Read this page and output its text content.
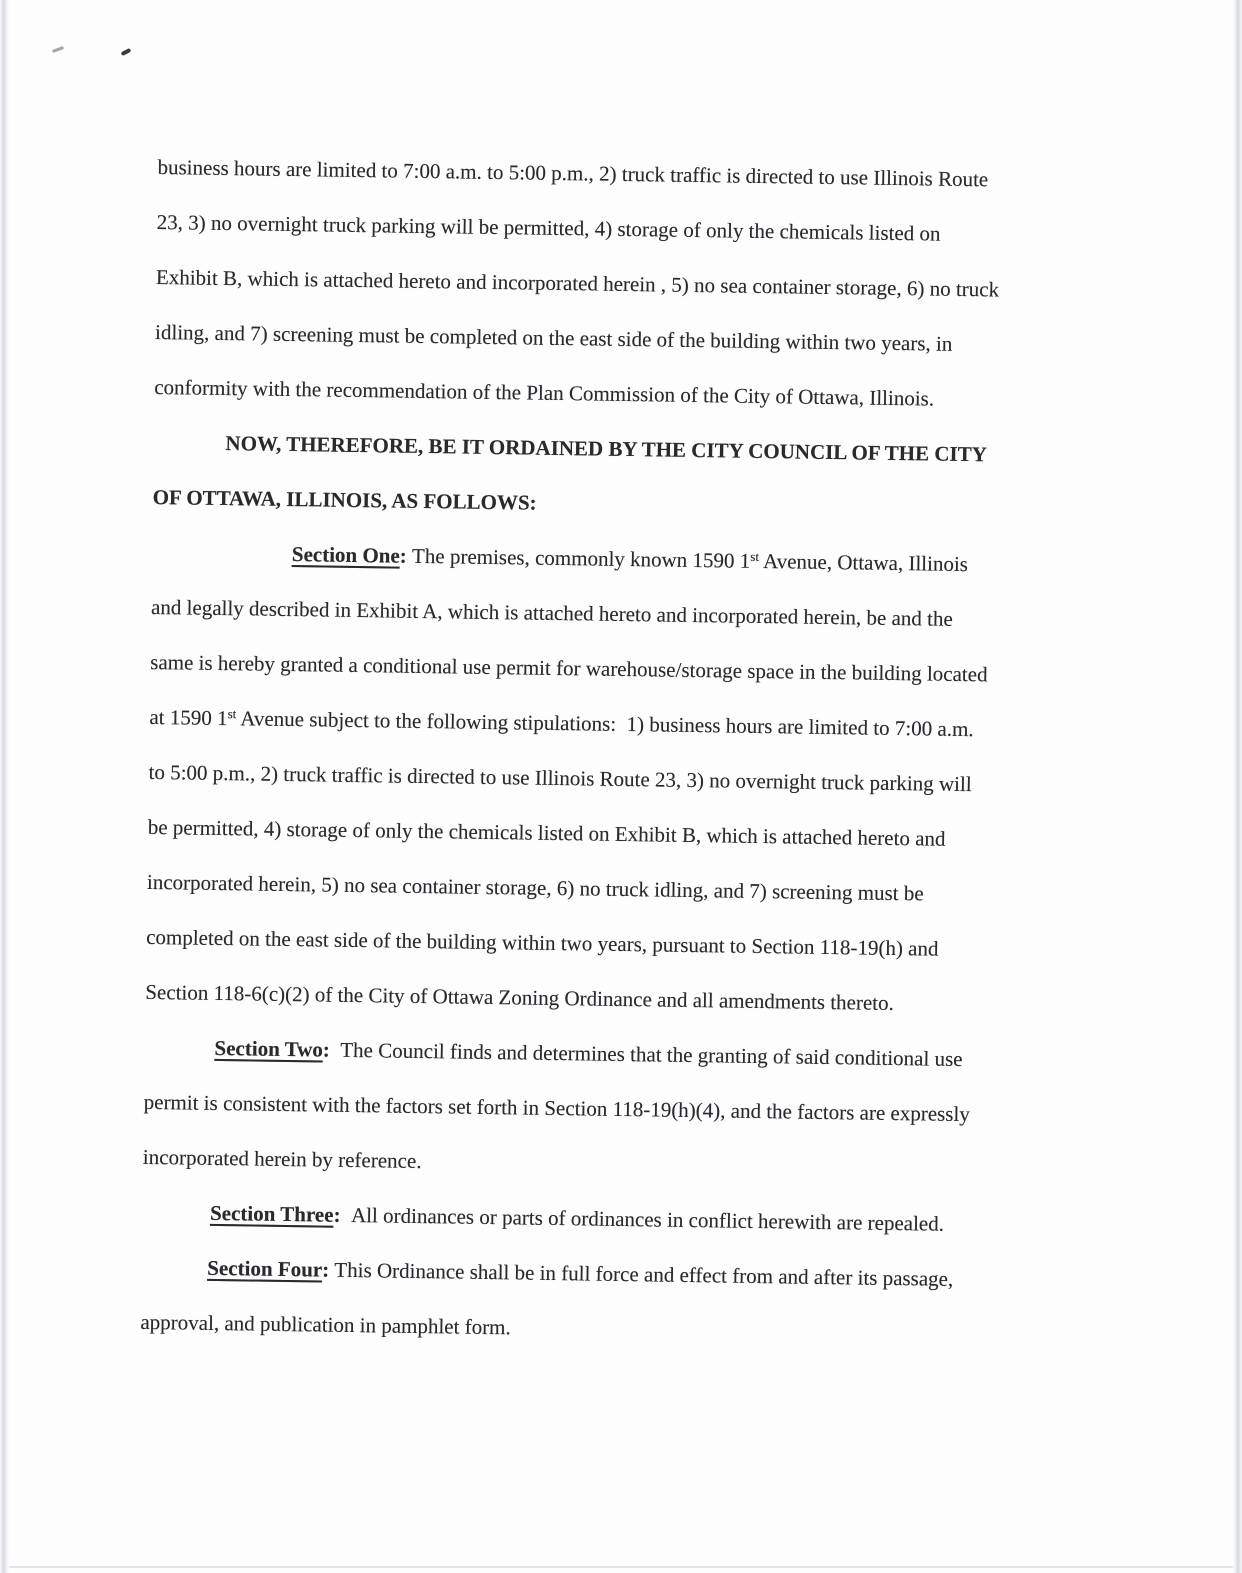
business hours are limited to 7:00 a.m. to 5:00 p.m., 2) truck traffic is directed to use Illinois Route
23, 3) no overnight truck parking will be permitted, 4) storage of only the chemicals listed on
Exhibit B, which is attached hereto and incorporated herein , 5) no sea container storage, 6) no truck
idling, and 7) screening must be completed on the east side of the building within two years, in
conformity with the recommendation of the Plan Commission of the City of Ottawa, Illinois.
NOW, THEREFORE, BE IT ORDAINED BY THE CITY COUNCIL OF THE CITY
OF OTTAWA, ILLINOIS, AS FOLLOWS:
Section One: The premises, commonly known 1590 1st Avenue, Ottawa, Illinois
and legally described in Exhibit A, which is attached hereto and incorporated herein, be and the
same is hereby granted a conditional use permit for warehouse/storage space in the building located
at 1590 1st Avenue subject to the following stipulations:  1) business hours are limited to 7:00 a.m.
to 5:00 p.m., 2) truck traffic is directed to use Illinois Route 23, 3) no overnight truck parking will
be permitted, 4) storage of only the chemicals listed on Exhibit B, which is attached hereto and
incorporated herein, 5) no sea container storage, 6) no truck idling, and 7) screening must be
completed on the east side of the building within two years, pursuant to Section 118-19(h) and
Section 118-6(c)(2) of the City of Ottawa Zoning Ordinance and all amendments thereto.
Section Two:  The Council finds and determines that the granting of said conditional use
permit is consistent with the factors set forth in Section 118-19(h)(4), and the factors are expressly
incorporated herein by reference.
Section Three:  All ordinances or parts of ordinances in conflict herewith are repealed.
Section Four: This Ordinance shall be in full force and effect from and after its passage,
approval, and publication in pamphlet form.
